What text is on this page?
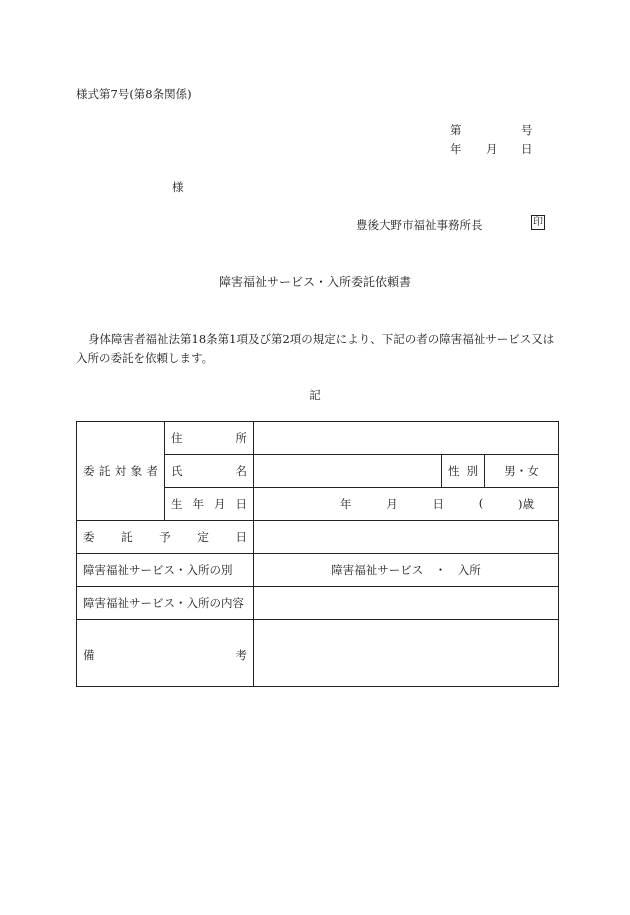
様式第7号(第8条関係)
第	号
年 月 日
様
豊後大野市福祉事務所長	印
障害福祉サービス・入所委託依頼書
身体障害者福祉法第18条第1項及び第2項の規定により、下記の者の障害福祉サービス又は入所の委託を依頼します。
記
委 託 対 象 者	住 所			

	氏 名		性 別	男・女

	生 年 月 日	年 月 日 ( )歳		

委 託 予 定 日				

障害福祉サービス・入所の別		障害福祉サービス　・　入所		
障害福祉サービス・入所の内容				

備 考				
